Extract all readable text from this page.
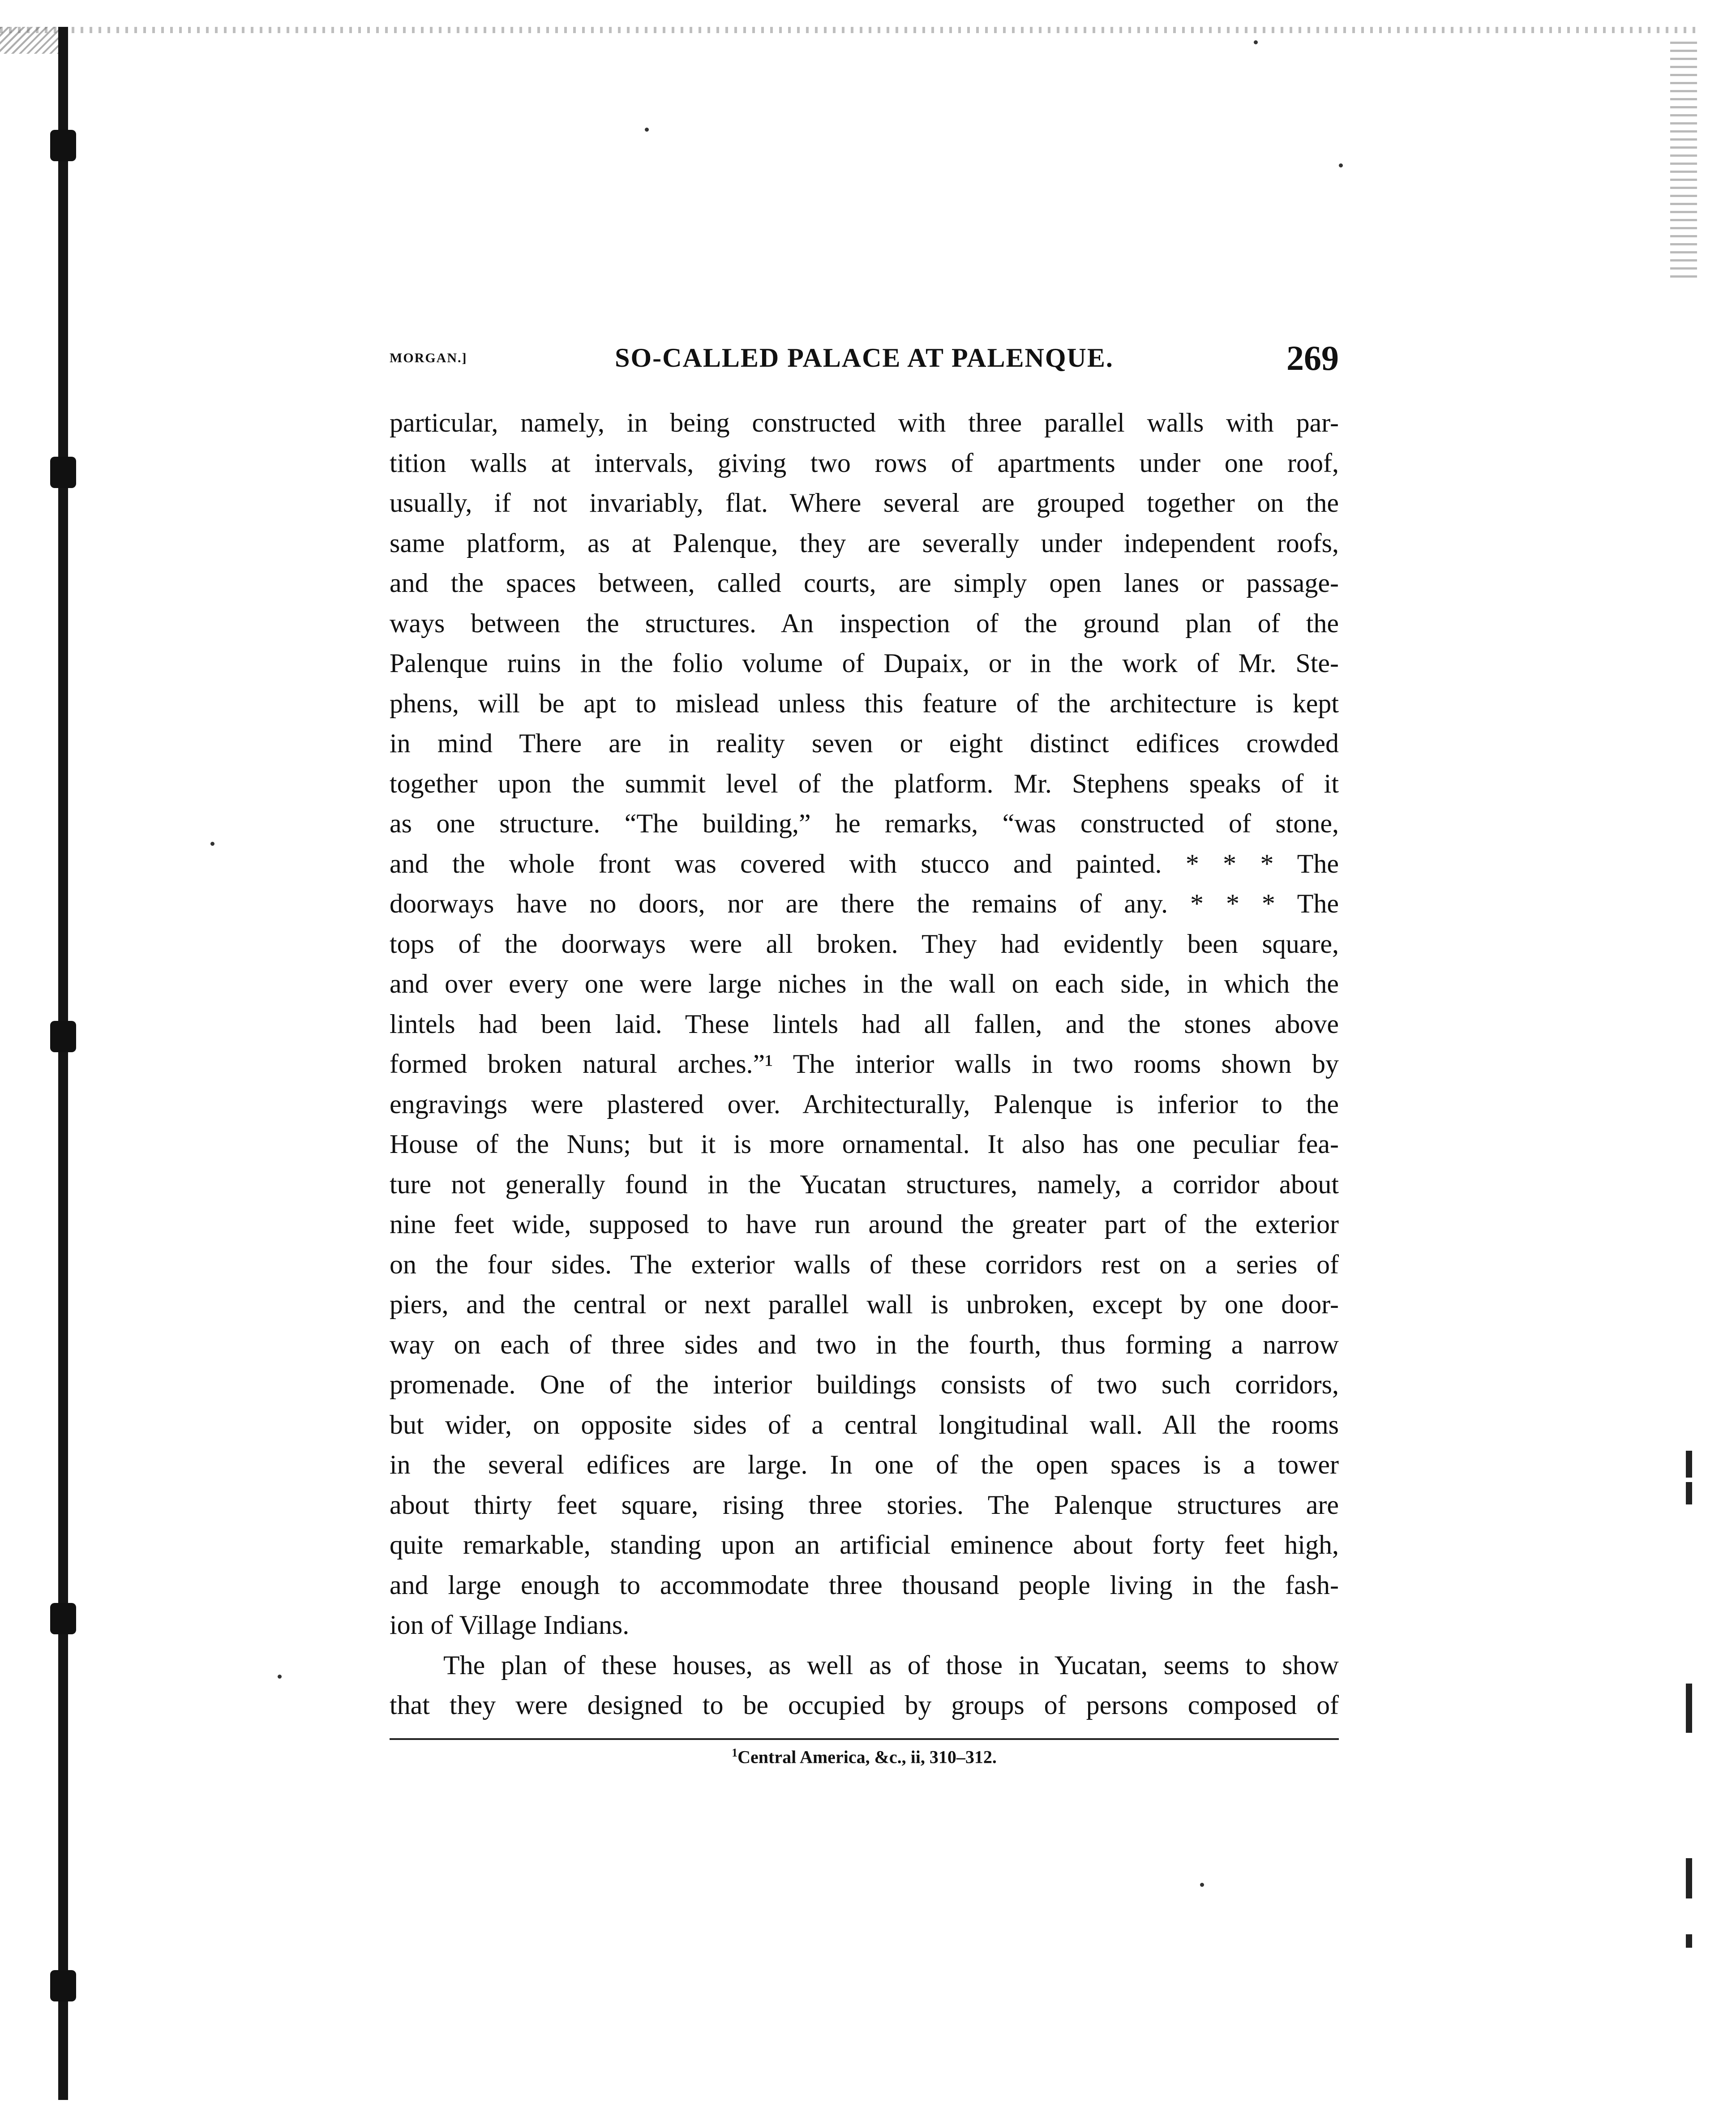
MORGAN.]	SO-CALLED PALACE AT PALENQUE.	269
particular, namely, in being constructed with three parallel walls with par-
tition walls at intervals, giving two rows of apartments under one roof,
usually, if not invariably, flat. Where several are grouped together on the
same platform, as at Palenque, they are severally under independent roofs,
and the spaces between, called courts, are simply open lanes or passage-
ways between the structures. An inspection of the ground plan of the
Palenque ruins in the folio volume of Dupaix, or in the work of Mr. Ste-
phens, will be apt to mislead unless this feature of the architecture is kept
in mind There are in reality seven or eight distinct edifices crowded
together upon the summit level of the platform. Mr. Stephens speaks of it
as one structure. “The building,” he remarks, “was constructed of stone,
and the whole front was covered with stucco and painted. * * * The
doorways have no doors, nor are there the remains of any. * * * The
tops of the doorways were all broken. They had evidently been square,
and over every one were large niches in the wall on each side, in which the
lintels had been laid. These lintels had all fallen, and the stones above
formed broken natural arches.”¹ The interior walls in two rooms shown by
engravings were plastered over. Architecturally, Palenque is inferior to the
House of the Nuns; but it is more ornamental. It also has one peculiar fea-
ture not generally found in the Yucatan structures, namely, a corridor about
nine feet wide, supposed to have run around the greater part of the exterior
on the four sides. The exterior walls of these corridors rest on a series of
piers, and the central or next parallel wall is unbroken, except by one door-
way on each of three sides and two in the fourth, thus forming a narrow
promenade. One of the interior buildings consists of two such corridors,
but wider, on opposite sides of a central longitudinal wall. All the rooms
in the several edifices are large. In one of the open spaces is a tower
about thirty feet square, rising three stories. The Palenque structures are
quite remarkable, standing upon an artificial eminence about forty feet high,
and large enough to accommodate three thousand people living in the fash-
ion of Village Indians.
The plan of these houses, as well as of those in Yucatan, seems to show
that they were designed to be occupied by groups of persons composed of
$^1$Central America, &c., ii, 310–312.
